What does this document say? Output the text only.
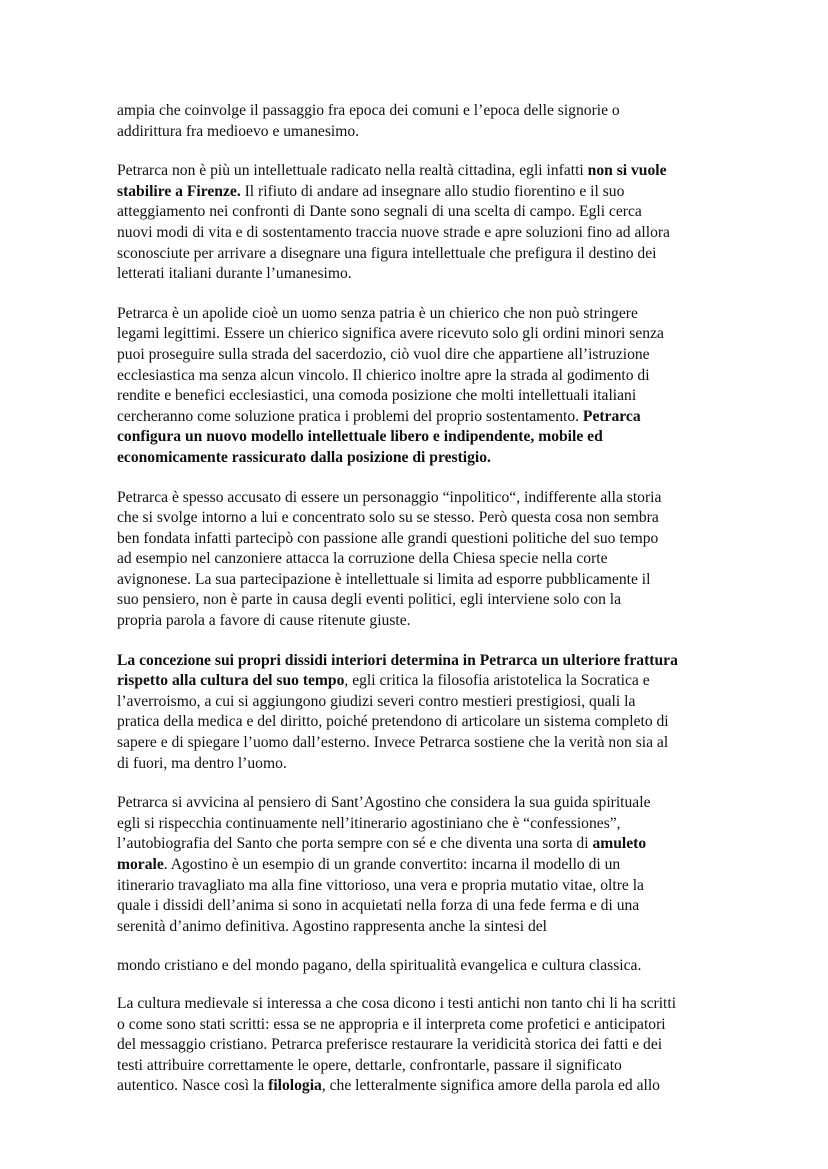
ampia che coinvolge il passaggio fra epoca dei comuni e l’epoca delle signorie o
addirittura fra medioevo e umanesimo.

Petrarca non è più un intellettuale radicato nella realtà cittadina, egli infatti non si vuole
stabilire a Firenze. Il rifiuto di andare ad insegnare allo studio fiorentino e il suo
atteggiamento nei confronti di Dante sono segnali di una scelta di campo. Egli cerca
nuovi modi di vita e di sostentamento traccia nuove strade e apre soluzioni fino ad allora
sconosciute per arrivare a disegnare una figura intellettuale che prefigura il destino dei
letterati italiani durante l’umanesimo.

Petrarca è un apolide cioè un uomo senza patria è un chierico che non può stringere
legami legittimi. Essere un chierico significa avere ricevuto solo gli ordini minori senza
puoi proseguire sulla strada del sacerdozio, ciò vuol dire che appartiene all’istruzione
ecclesiastica ma senza alcun vincolo. Il chierico inoltre apre la strada al godimento di
rendite e benefici ecclesiastici, una comoda posizione che molti intellettuali italiani
cercheranno come soluzione pratica i problemi del proprio sostentamento. Petrarca
configura un nuovo modello intellettuale libero e indipendente, mobile ed
economicamente rassicurato dalla posizione di prestigio.

Petrarca è spesso accusato di essere un personaggio “inpolitico“, indifferente alla storia
che si svolge intorno a lui e concentrato solo su se stesso. Però questa cosa non sembra
ben fondata infatti partecipò con passione alle grandi questioni politiche del suo tempo
ad esempio nel canzoniere attacca la corruzione della Chiesa specie nella corte
avignonese. La sua partecipazione è intellettuale si limita ad esporre pubblicamente il
suo pensiero, non è parte in causa degli eventi politici, egli interviene solo con la
propria parola a favore di cause ritenute giuste.

La concezione sui propri dissidi interiori determina in Petrarca un ulteriore frattura
rispetto alla cultura del suo tempo, egli critica la filosofia aristotelica la Socratica e
l’averroismo, a cui si aggiungono giudizi severi contro mestieri prestigiosi, quali la
pratica della medica e del diritto, poiché pretendono di articolare un sistema completo di
sapere e di spiegare l’uomo dall’esterno. Invece Petrarca sostiene che la verità non sia al
di fuori, ma dentro l’uomo.

Petrarca si avvicina al pensiero di Sant’Agostino che considera la sua guida spirituale
egli si rispecchia continuamente nell’itinerario agostiniano che è “confessiones”,
l’autobiografia del Santo che porta sempre con sé e che diventa una sorta di amuleto
morale. Agostino è un esempio di un grande convertito: incarna il modello di un
itinerario travagliato ma alla fine vittorioso, una vera e propria mutatio vitae, oltre la
quale i dissidi dell’anima si sono in acquietati nella forza di una fede ferma e di una
serenità d’animo definitiva. Agostino rappresenta anche la sintesi del

mondo cristiano e del mondo pagano, della spiritualità evangelica e cultura classica.

La cultura medievale si interessa a che cosa dicono i testi antichi non tanto chi li ha scritti
o come sono stati scritti: essa se ne appropria e il interpreta come profetici e anticipatori
del messaggio cristiano. Petrarca preferisce restaurare la veridicità storica dei fatti e dei
testi attribuire correttamente le opere, dettarle, confrontarle, passare il significato
autentico. Nasce così la filologia, che letteralmente significa amore della parola ed allo
